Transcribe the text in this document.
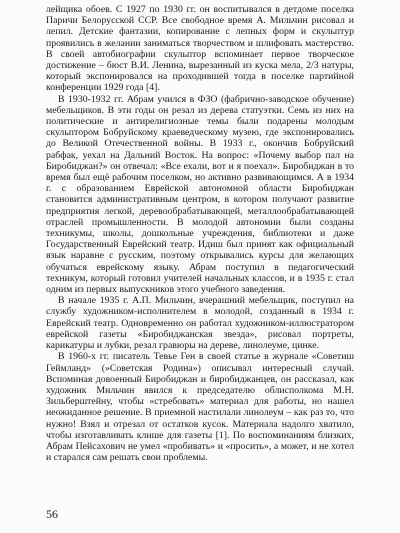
лейщика обоев. С 1927 по 1930 гг. он воспитывался в детдоме поселка Паричи Белорусской ССР. Все свободное время А. Мильчин рисовал и лепил. Детские фантазии, копирование с лепных форм и скульптур проявились в желании заниматься творчеством и шлифовать мастерство. В своей автобиографии скульптор вспоминает первое творческое достижение – бюст В.И. Ленина, вырезанный из куска мела, 2/3 натуры, который экспонировался на проходившей тогда в поселке партийной конференции 1929 года [4].

В 1930-1932 гг. Абрам учился в ФЗО (фабрично-заводское обучение) мебельщиков. В эти годы он резал из дерева статуэтки. Семь из них на политические и антирелигиозные темы были подарены молодым скульптором Бобруйскому краеведческому музею, где экспонировались до Великой Отечественной войны. В 1933 г., окончив Бобруйский рабфак, уехал на Дальний Восток. На вопрос: «Почему выбор пал на Биробиджан?» он отвечал: «Все ехали, вот и я поехал». Биробиджан в то время был ещё рабочим поселком, но активно развивающимся. А в 1934 г. с образованием Еврейской автономной области Биробиджан становится административным центром, в котором получают развитие предприятия легкой, деревообрабатывающей, металлообрабатывающей отраслей промышленности. В молодой автономии были созданы техникумы, школы, дошкольные учреждения, библиотеки и даже Государственный Еврейский театр. Идиш был принят как официальный язык наравне с русским, поэтому открывались курсы для желающих обучаться еврейскому языку. Абрам поступил в педагогический техникум, который готовил учителей начальных классов, и в 1935 г. стал одним из первых выпускников этого учебного заведения.

В начале 1935 г. А.П. Мильчин, вчерашний мебельщик, поступил на службу художником-исполнителем в молодой, созданный в 1934 г. Еврейский театр. Одновременно он работал художником-иллюстратором еврейской газеты «Биробиджанская звезда», рисовал портреты, карикатуры и лубки, резал гравюры на дереве, линолеуме, цинке.

В 1960-х гг. писатель Тевье Ген в своей статье в журнале «Советиш Геймланд» (»Советская Родина») описывал интересный случай. Вспоминая довоенный Биробиджан и биробиджанцев, он рассказал, как художник Мильчин явился к председателю облисполкома М.Н. Зильберштейну, чтобы «стребовать» материал для работы, но нашел неожиданное решение. В приемной настилали линолеум – как раз то, что нужно! Взял и отрезал от остатков кусок. Материала надолго хватило, чтобы изготавливать клише для газеты [1]. По воспоминаниям близких, Абрам Пейсахович не умел «пробивать» и «просить», а может, и не хотел и старался сам решать свои проблемы.

56
